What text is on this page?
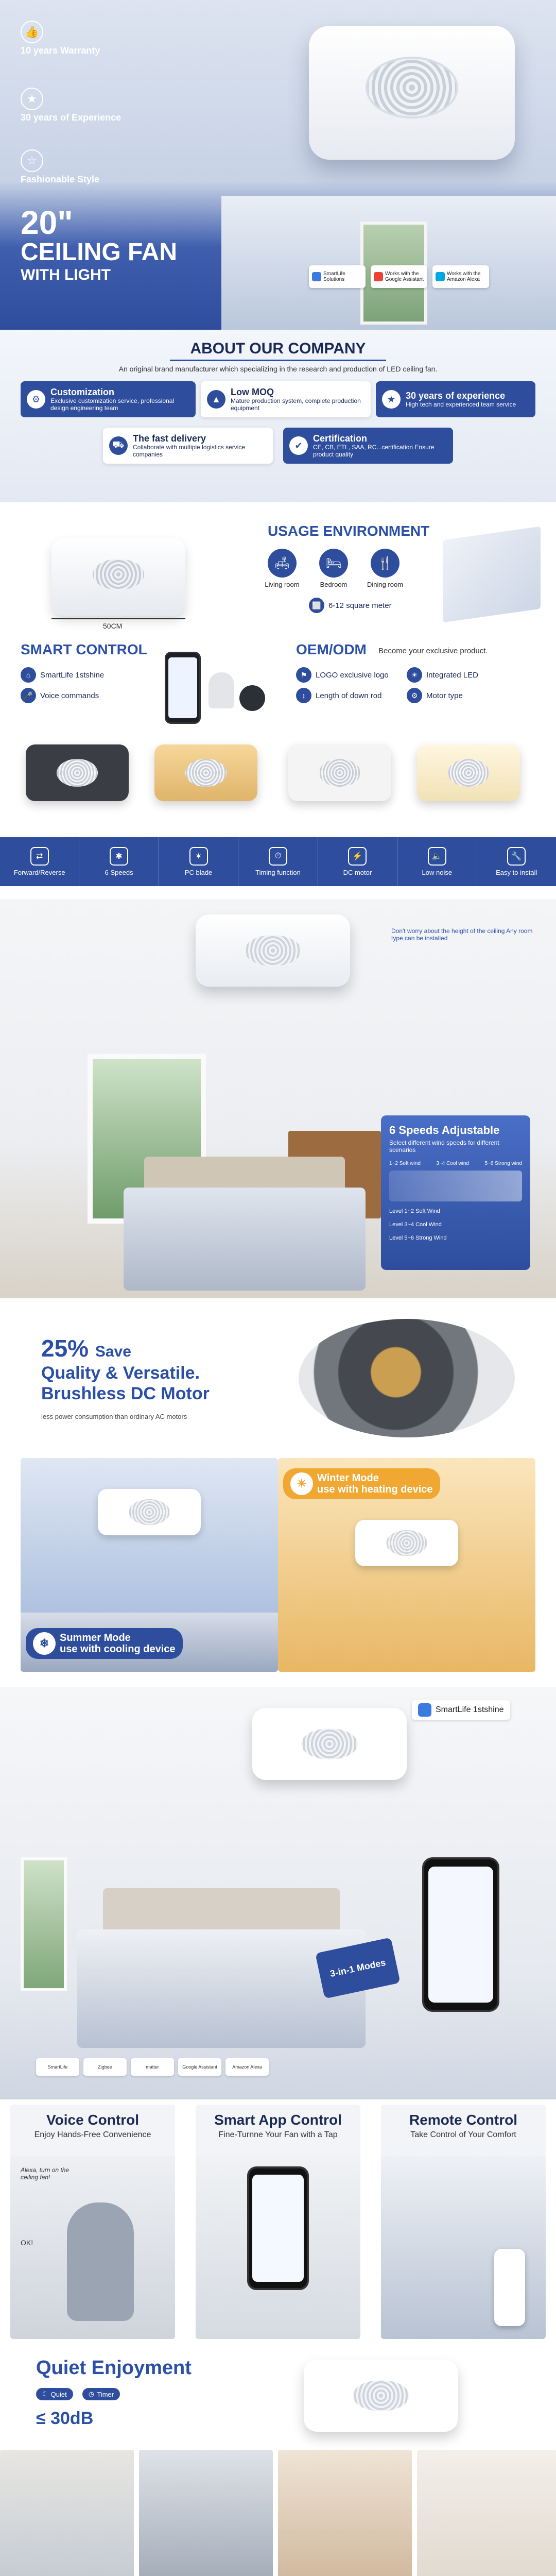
👍
10 years Warranty
★
30 years of Experience
☆
Fashionable Style
20"
CEILING FAN
WITH LIGHT	SmartLife Solutions
Works with the Google Assistant
Works with the Amazon Alexa
ABOUT OUR COMPANY
An original brand manufacturer which specializing in the research and production of LED ceiling fan.
⚙
Customization
Exclusive customization service, professional design engineering team
▲
Low MOQ
Mature production system, complete production equipment
★	30 years of experience
High tech and experienced team service
⛟
The fast delivery
Collaborate with multiple logistics service companies
✔
Certification
CE, CB, ETL, SAA, RC...certification Ensure product quality
50CM
USAGE ENVIRONMENT
🛋	🛏	🍴
Living room	Bedroom	Dining room
⬜ 6-12 square meter
SMART CONTROL
⌂	SmartLife 1stshine
🎤 Voice commands
OEM/ODM Become your exclusive product.
⚑	LOGO exclusive logo	☀	Integrated LED
↕	Length of down rod	⚙	Motor type
⇄
Forward/Reverse
✱
6 Speeds
✶
PC blade
⏱
Timing function
⚡
DC motor
🔈
Low noise
🔧
Easy to install
Don't worry about the height of the ceiling Any room type can be installed
6 Speeds Adjustable
Select different wind speeds for different scenarios
1~2 Soft wind	3~4 Cool wind	5~6 Strong wind
Level 1~2 Soft Wind
Level 3~4 Cool Wind
Level 5~6 Strong Wind
25% Save
Quality & Versatile.
Brushless DC Motor
less power consumption than ordinary AC motors
❄	Summer Mode
use with cooling device
☀	Winter Mode
use with heating device
SmartLife 1stshine
3-in-1 Modes
SmartLife	Zigbee	matter	Google Assistant	Amazon Alexa
Voice Control

Enjoy Hands-Free Convenience

Alexa, turn on the ceiling fan!
OK!
Smart App Control

Fine-Turnne Your Fan with a Tap

Remote Control

Take Control of Your Comfort

Quiet Enjoyment
☾ Quiet	◷ Timer
≤ 30dB
